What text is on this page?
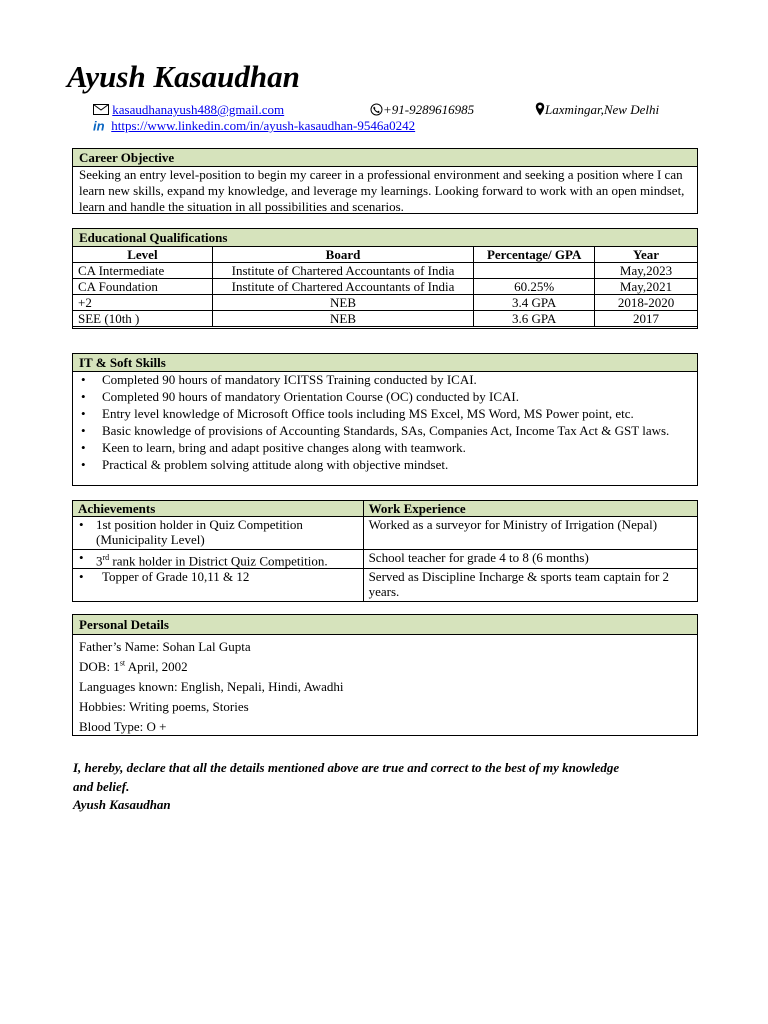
Ayush Kasaudhan
kasaudhanayush488@gmail.com	+91-9289616985	Laxmingar,New Delhi
in https://www.linkedin.com/in/ayush-kasaudhan-9546a0242
Career Objective
Seeking an entry level-position to begin my career in a professional environment and seeking a position where I can learn new skills, expand my knowledge, and leverage my learnings. Looking forward to work with an open mindset, learn and handle the situation in all possibilities and scenarios.
Educational Qualifications
Level	Board	Percentage/ GPA	Year
CA Intermediate	Institute of Chartered Accountants of India		May,2023
CA Foundation	Institute of Chartered Accountants of India	60.25%	May,2021
+2	NEB	3.4 GPA	2018-2020
SEE (10th )	NEB	3.6 GPA	2017
IT & Soft Skills
• Completed 90 hours of mandatory ICITSS Training conducted by ICAI.
• Completed 90 hours of mandatory Orientation Course (OC) conducted by ICAI.
• Entry level knowledge of Microsoft Office tools including MS Excel, MS Word, MS Power point, etc.
• Basic knowledge of provisions of Accounting Standards, SAs, Companies Act, Income Tax Act & GST laws.
• Keen to learn, bring and adapt positive changes along with teamwork.
• Practical & problem solving attitude along with objective mindset.
Achievements	Work Experience

• 1st position holder in Quiz Competition (Municipality Level)	Worked as a surveyor for Ministry of Irrigation (Nepal)

• 3rd rank holder in District Quiz Competition.	School teacher for grade 4 to 8 (6 months)

• Topper of Grade 10,11 & 12	Served as Discipline Incharge & sports team captain for 2 years.
Personal Details
Father’s Name: Sohan Lal Gupta
DOB: 1st April, 2002
Languages known: English, Nepali, Hindi, Awadhi
Hobbies: Writing poems, Stories
Blood Type: O +
I, hereby, declare that all the details mentioned above are true and correct to the best of my knowledge and belief.
Ayush Kasaudhan
